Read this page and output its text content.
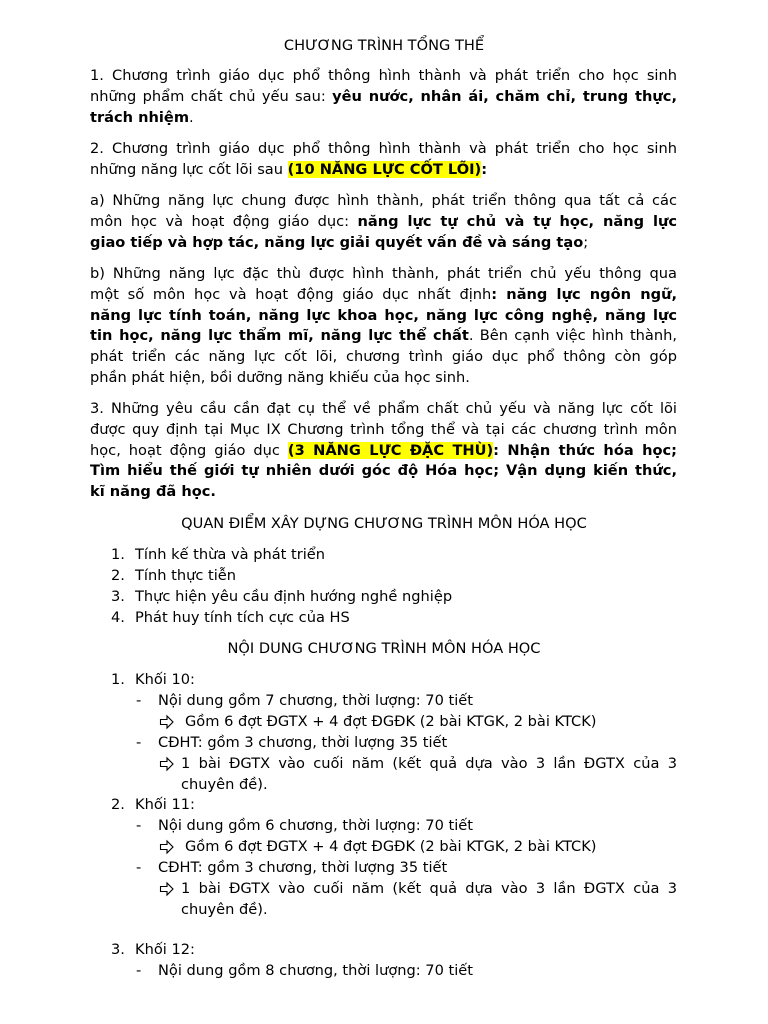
CHƯƠNG TRÌNH TỔNG THỂ
1. Chương trình giáo dục phổ thông hình thành và phát triển cho học sinh
những phẩm chất chủ yếu sau: yêu nước, nhân ái, chăm chỉ, trung thực,
trách nhiệm.
2. Chương trình giáo dục phổ thông hình thành và phát triển cho học sinh
những năng lực cốt lõi sau (10 NĂNG LỰC CỐT LÕI):
a) Những năng lực chung được hình thành, phát triển thông qua tất cả các
môn học và hoạt động giáo dục: năng lực tự chủ và tự học, năng lực
giao tiếp và hợp tác, năng lực giải quyết vấn đề và sáng tạo;
b) Những năng lực đặc thù được hình thành, phát triển chủ yếu thông qua
một số môn học và hoạt động giáo dục nhất định: năng lực ngôn ngữ,
năng lực tính toán, năng lực khoa học, năng lực công nghệ, năng lực
tin học, năng lực thẩm mĩ, năng lực thể chất. Bên cạnh việc hình thành,
phát triển các năng lực cốt lõi, chương trình giáo dục phổ thông còn góp
phần phát hiện, bồi dưỡng năng khiếu của học sinh.
3. Những yêu cầu cần đạt cụ thể về phẩm chất chủ yếu và năng lực cốt lõi
được quy định tại Mục IX Chương trình tổng thể và tại các chương trình môn
học, hoạt động giáo dục (3 NĂNG LỰC ĐẶC THÙ): Nhận thức hóa học;
Tìm hiểu thế giới tự nhiên dưới góc độ Hóa học; Vận dụng kiến thức,
kĩ năng đã học.
QUAN ĐIỂM XÂY DỰNG CHƯƠNG TRÌNH MÔN HÓA HỌC
1. Tính kế thừa và phát triển
2. Tính thực tiễn
3. Thực hiện yêu cầu định hướng nghề nghiệp
4. Phát huy tính tích cực của HS
NỘI DUNG CHƯƠNG TRÌNH MÔN HÓA HỌC
1. Khối 10:
- Nội dung gồm 7 chương, thời lượng: 70 tiết
Gồm 6 đợt ĐGTX + 4 đợt ĐGĐK (2 bài KTGK, 2 bài KTCK)
- CĐHT: gồm 3 chương, thời lượng 35 tiết
1 bài ĐGTX vào cuối năm (kết quả dựa vào 3 lần ĐGTX của 3
chuyên đề).
2. Khối 11:
- Nội dung gồm 6 chương, thời lượng: 70 tiết
Gồm 6 đợt ĐGTX + 4 đợt ĐGĐK (2 bài KTGK, 2 bài KTCK)
- CĐHT: gồm 3 chương, thời lượng 35 tiết
1 bài ĐGTX vào cuối năm (kết quả dựa vào 3 lần ĐGTX của 3
chuyên đề).
3. Khối 12:
- Nội dung gồm 8 chương, thời lượng: 70 tiết
